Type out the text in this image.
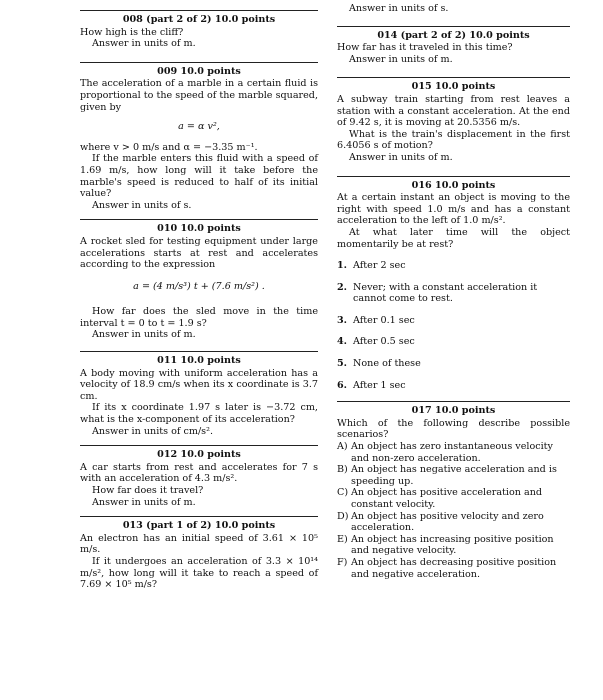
008 (part 2 of 2) 10.0 points

How high is the cliff?

Answer in units of m.

009 10.0 points

The acceleration of a marble in a certain fluid is proportional to the speed of the marble squared, given by

a = α v²,

where v > 0 m/s and α = −3.35 m⁻¹.

If the marble enters this fluid with a speed of 1.69 m/s, how long will it take before the marble's speed is reduced to half of its initial value?

Answer in units of s.

010 10.0 points

A rocket sled for testing equipment under large accelerations starts at rest and accelerates according to the expression

a = (4 m/s³) t + (7.6 m/s²) .

How far does the sled move in the time interval t = 0 to t = 1.9 s?

Answer in units of m.

011 10.0 points

A body moving with uniform acceleration has a velocity of 18.9 cm/s when its x coordinate is 3.7 cm.

If its x coordinate 1.97 s later is −3.72 cm, what is the x-component of its acceleration?

Answer in units of cm/s².

012 10.0 points

A car starts from rest and accelerates for 7 s with an acceleration of 4.3 m/s².

How far does it travel?

Answer in units of m.

013 (part 1 of 2) 10.0 points

An electron has an initial speed of 3.61 × 10⁵ m/s.

If it undergoes an acceleration of 3.3 × 10¹⁴ m/s², how long will it take to reach a speed of 7.69 × 10⁵ m/s?

Answer in units of s.

014 (part 2 of 2) 10.0 points

How far has it traveled in this time?

Answer in units of m.

015 10.0 points

A subway train starting from rest leaves a station with a constant acceleration. At the end of 9.42 s, it is moving at 20.5356 m/s.

What is the train's displacement in the first 6.4056 s of motion?

Answer in units of m.

016 10.0 points

At a certain instant an object is moving to the right with speed 1.0 m/s and has a constant acceleration to the left of 1.0 m/s².

At what later time will the object momentarily be at rest?

1. After 2 sec
2. Never; with a constant acceleration it cannot come to rest.
3. After 0.1 sec
4. After 0.5 sec
5. None of these
6. After 1 sec
017 10.0 points

Which of the following describe possible scenarios?

A) An object has zero instantaneous velocity and non-zero acceleration.
B) An object has negative acceleration and is speeding up.
C) An object has positive acceleration and constant velocity.
D) An object has positive velocity and zero acceleration.
E) An object has increasing positive position and negative velocity.
F) An object has decreasing positive position and negative acceleration.
